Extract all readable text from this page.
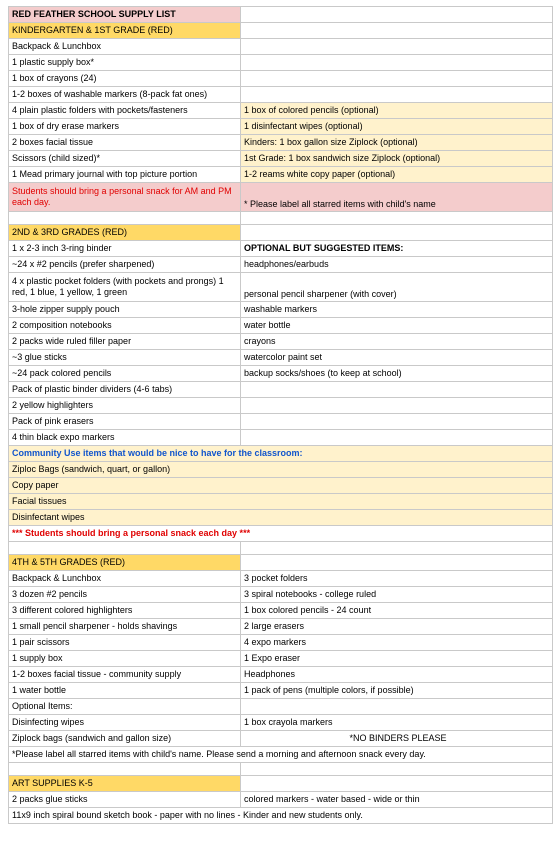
RED FEATHER SCHOOL SUPPLY LIST	
KINDERGARTEN & 1ST GRADE (RED)	
Backpack & Lunchbox	
1 plastic supply box*	
1 box of crayons (24)	
1-2 boxes of washable markers (8-pack fat ones)	
4 plain plastic folders with pockets/fasteners	1 box of colored pencils (optional)
1 box of dry erase markers	1 disinfectant wipes (optional)
2 boxes facial tissue	Kinders: 1 box gallon size Ziplock (optional)
Scissors (child sized)*	1st Grade: 1 box sandwich size Ziplock (optional)
1 Mead primary journal with top picture portion	1-2 reams white copy paper (optional)
Students should bring a personal snack for AM and PM each day.	* Please label all starred items with child's name

2ND & 3RD GRADES (RED)	
1 x 2-3 inch 3-ring binder	OPTIONAL BUT SUGGESTED ITEMS:
~24 x #2 pencils (prefer sharpened)	headphones/earbuds
4 x plastic pocket folders (with pockets and prongs) 1 red, 1 blue, 1 yellow, 1 green	personal pencil sharpener (with cover)
3-hole zipper supply pouch	washable markers
2 composition notebooks	water bottle
2 packs wide ruled filler paper	crayons
~3 glue sticks	watercolor paint set
~24 pack colored pencils	backup socks/shoes (to keep at school)
Pack of plastic binder dividers (4-6 tabs)	
2 yellow highlighters	
Pack of pink erasers	
4 thin black expo markers	
Community Use items that would be nice to have for the classroom:	
Ziploc Bags (sandwich, quart, or gallon)	
Copy paper	
Facial tissues	
Disinfectant wipes	
*** Students should bring a personal snack each day ***	

4TH & 5TH GRADES (RED)	
Backpack & Lunchbox	3 pocket folders
3 dozen #2 pencils	3 spiral notebooks - college ruled
3 different colored highlighters	1 box colored pencils - 24 count
1 small pencil sharpener - holds shavings	2 large erasers
1 pair scissors	4 expo markers
1 supply box	1 Expo eraser
1-2 boxes facial tissue - community supply	Headphones
1 water bottle	1 pack of pens (multiple colors, if possible)
Optional Items:	
Disinfecting wipes	1 box crayola markers
Ziplock bags (sandwich and gallon size)	*NO BINDERS PLEASE
*Please label all starred items with child's name. Please send a morning and afternoon snack every day.	

ART SUPPLIES K-5	
2 packs glue sticks	colored markers - water based - wide or thin
11x9 inch spiral bound sketch book - paper with no lines - Kinder and new students only.	
